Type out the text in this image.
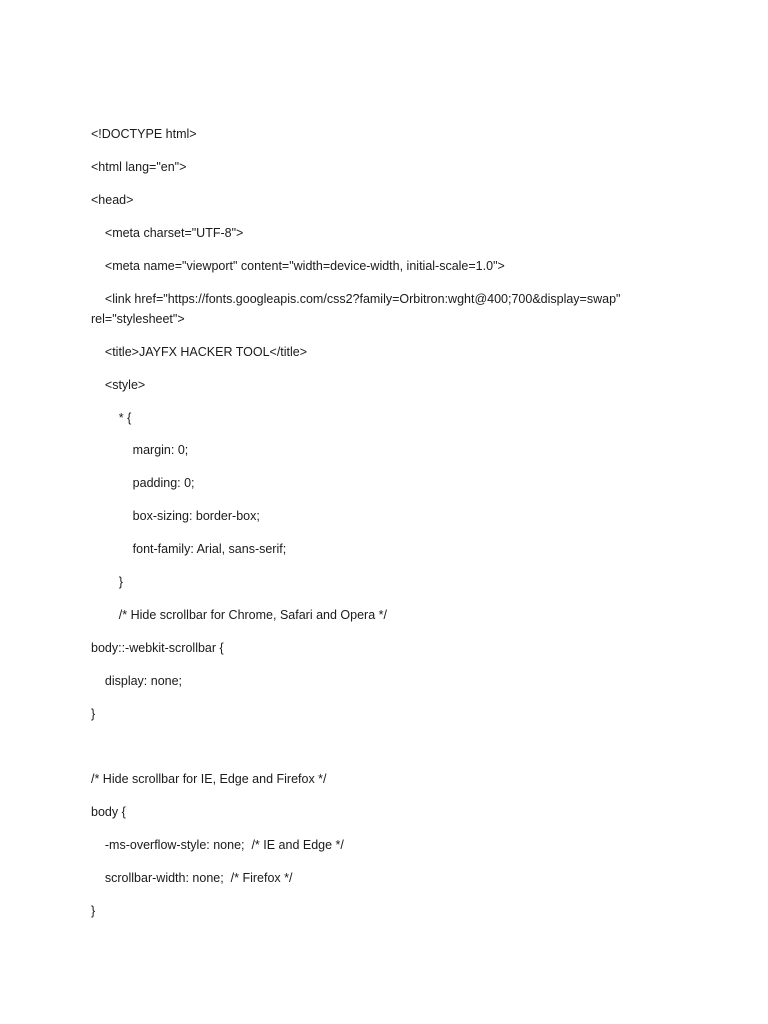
<!DOCTYPE html>
<html lang="en">
<head>
<meta charset="UTF-8">
<meta name="viewport" content="width=device-width, initial-scale=1.0">
<link href="https://fonts.googleapis.com/css2?family=Orbitron:wght@400;700&display=swap"
rel="stylesheet">
<title>JAYFX HACKER TOOL</title>
<style>
* {
margin: 0;
padding: 0;
box-sizing: border-box;
font-family: Arial, sans-serif;
}
/* Hide scrollbar for Chrome, Safari and Opera */
body::-webkit-scrollbar {
display: none;
}
/* Hide scrollbar for IE, Edge and Firefox */
body {
-ms-overflow-style: none;  /* IE and Edge */
scrollbar-width: none;  /* Firefox */
}
